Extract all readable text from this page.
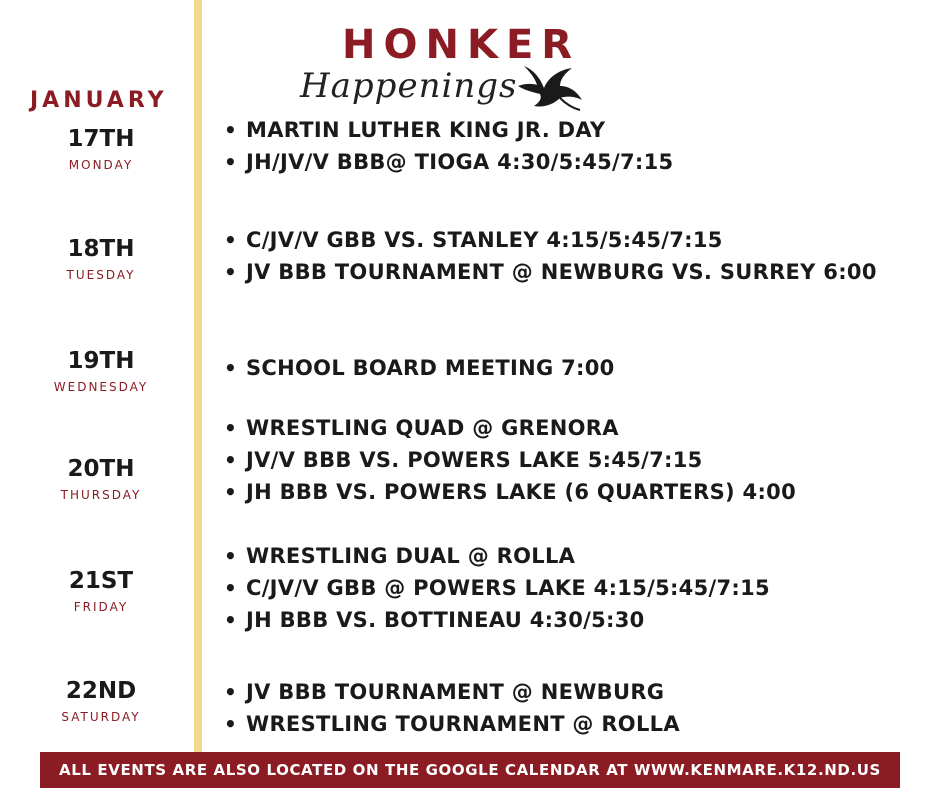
HONKER
Happenings
JANUARY
17TH
MONDAY
• MARTIN LUTHER KING JR. DAY
• JH/JV/V BBB@ TIOGA 4:30/5:45/7:15
18TH
TUESDAY
• C/JV/V GBB VS. STANLEY 4:15/5:45/7:15
• JV BBB TOURNAMENT @ NEWBURG VS. SURREY 6:00
19TH
WEDNESDAY
• SCHOOL BOARD MEETING 7:00
20TH
THURSDAY
• WRESTLING QUAD @ GRENORA
• JV/V BBB VS. POWERS LAKE 5:45/7:15
• JH BBB VS. POWERS LAKE (6 QUARTERS) 4:00
21ST
FRIDAY
• WRESTLING DUAL @ ROLLA
• C/JV/V GBB @ POWERS LAKE 4:15/5:45/7:15
• JH BBB VS. BOTTINEAU 4:30/5:30
22ND
SATURDAY
• JV BBB TOURNAMENT @ NEWBURG
• WRESTLING TOURNAMENT @ ROLLA
ALL EVENTS ARE ALSO LOCATED ON THE GOOGLE CALENDAR AT WWW.KENMARE.K12.ND.US
